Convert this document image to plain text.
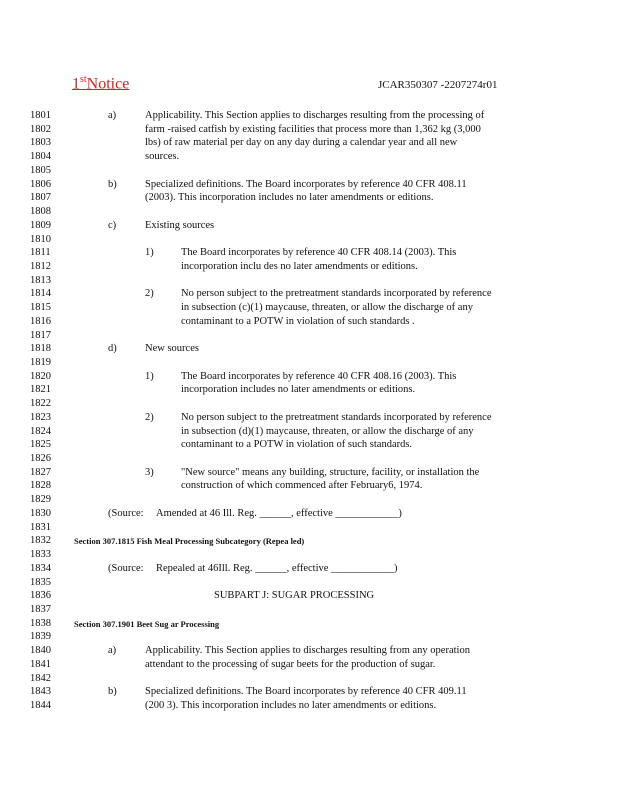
1stNotice	JCAR350307 -2207274r01
1801	a)	Applicability. This Section applies to discharges resulting from the processing of
1802	farm -raised catfish by existing facilities that process more than 1,362 kg (3,000
1803	lbs) of raw material per day on any day during a calendar year and all new
1804	sources.
1805
1806	b)	Specialized definitions. The Board incorporates by reference 40 CFR 408.11
1807	(2003). This incorporation includes no later amendments or editions.
1808
1809	c)	Existing sources
1810
1811	1)	The Board incorporates by reference 40 CFR 408.14 (2003). This
1812	incorporation inclu des no later amendments or editions.
1813
1814	2)	No person subject to the pretreatment standards incorporated by reference
1815	in subsection (c)(1) maycause, threaten, or allow the discharge of any
1816	contaminant to a POTW in violation of such standards .
1817
1818	d)	New sources
1819
1820	1)	The Board incorporates by reference 40 CFR 408.16 (2003). This
1821	incorporation includes no later amendments or editions.
1822
1823	2)	No person subject to the pretreatment standards incorporated by reference
1824	in subsection (d)(1) maycause, threaten, or allow the discharge of any
1825	contaminant to a POTW in violation of such standards.
1826
1827	3)	"New source" means any building, structure, facility, or installation the
1828	construction of which commenced after February6, 1974.
1829
1830	(Source: Amended at 46 Ill. Reg. ______, effective ____________)
1831
1832	Section 307.1815 Fish Meal Processing Subcategory (Repea led)
1833
1834	(Source: Repealed at 46Ill. Reg. ______, effective ____________)
1835
1836	SUBPART J: SUGAR PROCESSING
1837
1838	Section 307.1901 Beet Sug ar Processing
1839
1840	a)	Applicability. This Section applies to discharges resulting from any operation
1841	attendant to the processing of sugar beets for the production of sugar.
1842
1843	b)	Specialized definitions. The Board incorporates by reference 40 CFR 409.11
1844	(200 3). This incorporation includes no later amendments or editions.
